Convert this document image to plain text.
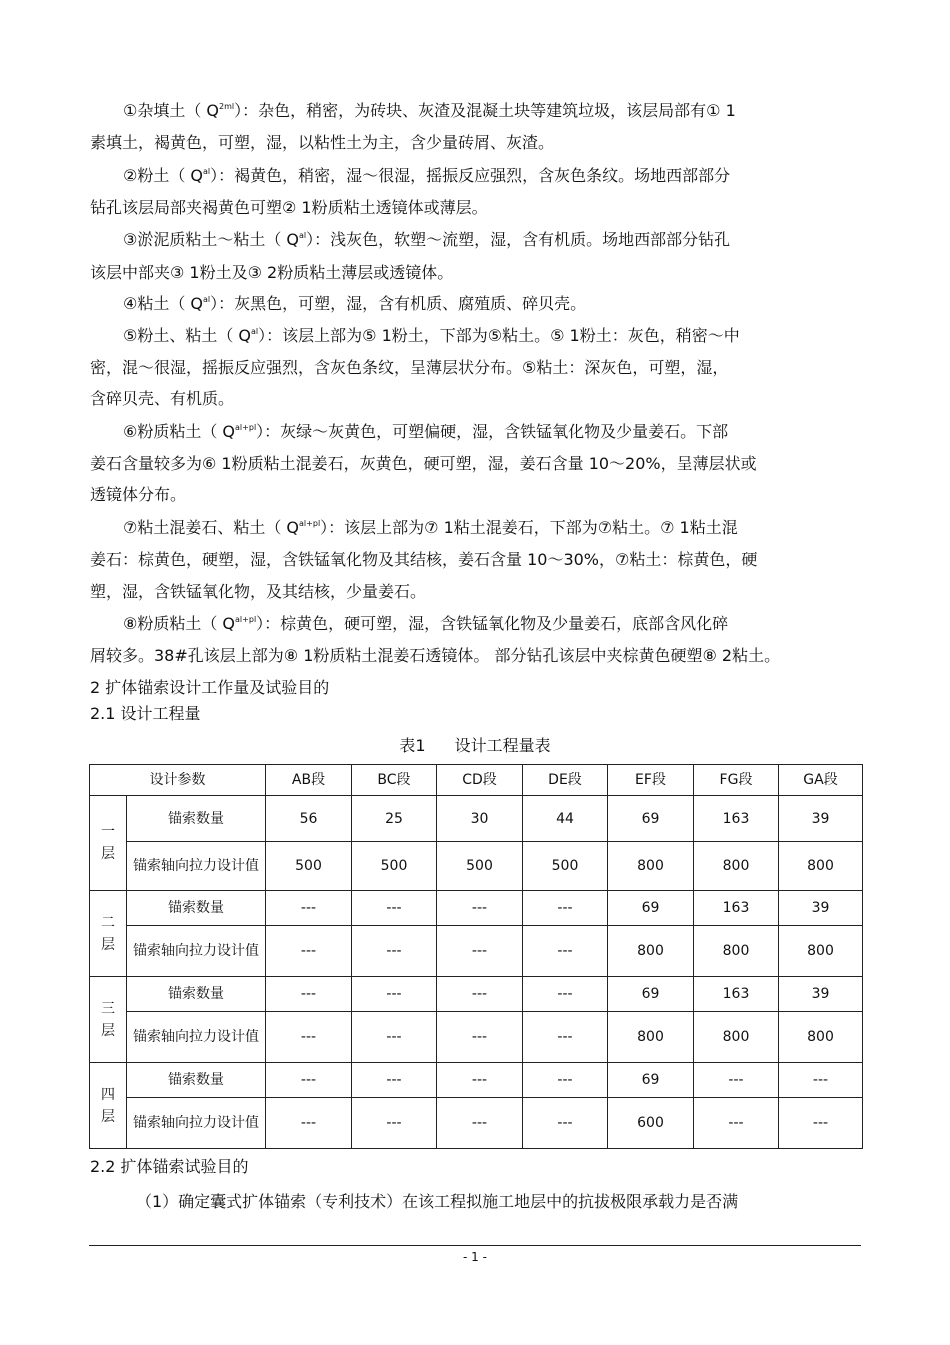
①杂填土（ $Q^{2ml}$）：杂色，稍密，为砖块、灰渣及混凝土块等建筑垃圾，该层局部有① 1
素填土，褐黄色，可塑，湿，以粘性土为主，含少量砖屑、灰渣。
②粉土（ $Q^{al}$）：褐黄色，稍密，湿～很湿，摇振反应强烈，含灰色条纹。场地西部部分
钻孔该层局部夹褐黄色可塑② 1粉质粘土透镜体或薄层。
③淤泥质粘土～粘土（ $Q^{al}$）：浅灰色，软塑～流塑，湿，含有机质。场地西部部分钻孔
该层中部夹③ 1粉土及③ 2粉质粘土薄层或透镜体。
④粘土（ $Q^{al}$）：灰黑色，可塑，湿，含有机质、腐殖质、碎贝壳。
⑤粉土、粘土（ $Q^{al}$）：该层上部为⑤ 1粉土，下部为⑤粘土。⑤ 1粉土：灰色，稍密～中
密，混～很湿，摇振反应强烈，含灰色条纹，呈薄层状分布。⑤粘土：深灰色，可塑，湿，
含碎贝壳、有机质。
⑥粉质粘土（ $Q^{al+pl}$）：灰绿～灰黄色，可塑偏硬，湿，含铁锰氧化物及少量姜石。下部
姜石含量较多为⑥ 1粉质粘土混姜石，灰黄色，硬可塑，湿，姜石含量 10～20%，呈薄层状或
透镜体分布。
⑦粘土混姜石、粘土（ $Q^{al+pl}$）：该层上部为⑦ 1粘土混姜石，下部为⑦粘土。⑦ 1粘土混
姜石：棕黄色，硬塑，湿，含铁锰氧化物及其结核，姜石含量 10～30%，⑦粘土：棕黄色，硬
塑，湿，含铁锰氧化物，及其结核，少量姜石。
⑧粉质粘土（ $Q^{al+pl}$）：棕黄色，硬可塑，湿，含铁锰氧化物及少量姜石，底部含风化碎
屑较多。38#孔该层上部为⑧ 1粉质粘土混姜石透镜体。 部分钻孔该层中夹棕黄色硬塑⑧ 2粘土。
2 扩体锚索设计工作量及试验目的
2.1 设计工程量
表1 设计工程量表
设计参数		AB段	BC段	CD段	DE段	EF段	FG段	GA段

一
层	锚索数量	56	25	30	44	69	163	39
	锚索轴向拉力设计值	500	500	500	500	800	800	800

二
层	锚索数量	---	---	---	---	69	163	39
	锚索轴向拉力设计值	---	---	---	---	800	800	800

三
层	锚索数量	---	---	---	---	69	163	39
	锚索轴向拉力设计值	---	---	---	---	800	800	800

四
层	锚索数量	---	---	---	---	69	---	---
	锚索轴向拉力设计值	---	---	---	---	600	---	---
2.2 扩体锚索试验目的
（1）确定囊式扩体锚索（专利技术）在该工程拟施工地层中的抗拔极限承载力是否满
- 1 -
